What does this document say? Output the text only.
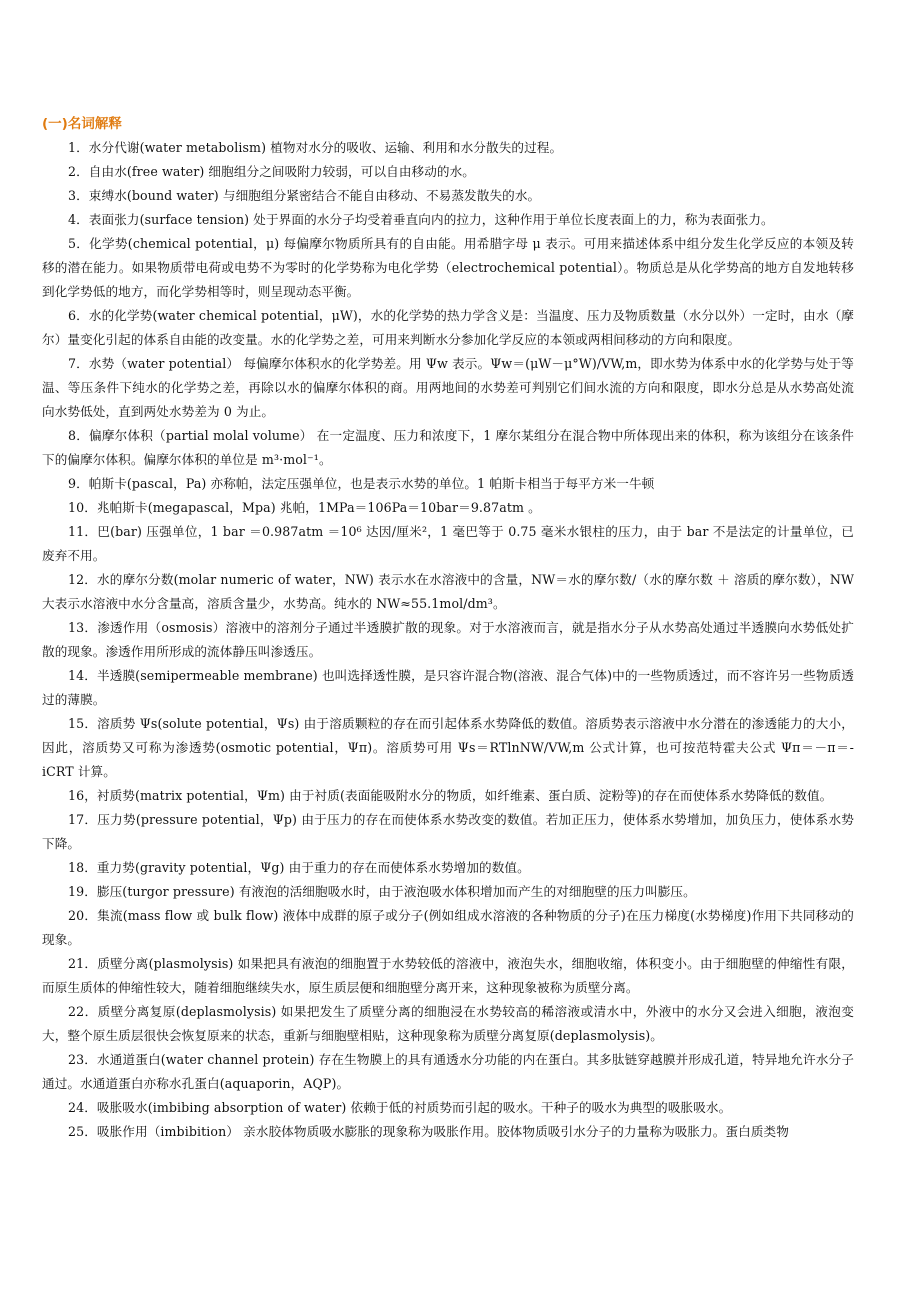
(一)名词解释

1．水分代谢(water metabolism) 植物对水分的吸收、运输、利用和水分散失的过程。

2．自由水(free water) 细胞组分之间吸附力较弱，可以自由移动的水。

3．束缚水(bound water) 与细胞组分紧密结合不能自由移动、不易蒸发散失的水。

4．表面张力(surface tension) 处于界面的水分子均受着垂直向内的拉力，这种作用于单位长度表面上的力，称为表面张力。

5．化学势(chemical potential，μ) 每偏摩尔物质所具有的自由能。用希腊字母 μ 表示。可用来描述体系中组分发生化学反应的本领及转移的潜在能力。如果物质带电荷或电势不为零时的化学势称为电化学势（electrochemical potential）。物质总是从化学势高的地方自发地转移到化学势低的地方，而化学势相等时，则呈现动态平衡。

6．水的化学势(water chemical potential，μW)，水的化学势的热力学含义是：当温度、压力及物质数量（水分以外）一定时，由水（摩尔）量变化引起的体系自由能的改变量。水的化学势之差，可用来判断水分参加化学反应的本领或两相间移动的方向和限度。

7．水势（water potential） 每偏摩尔体积水的化学势差。用 Ψw 表示。Ψw＝(μW－μ°W)/VW,m，即水势为体系中水的化学势与处于等温、等压条件下纯水的化学势之差，再除以水的偏摩尔体积的商。用两地间的水势差可判别它们间水流的方向和限度，即水分总是从水势高处流向水势低处，直到两处水势差为 0 为止。

8．偏摩尔体积（partial molal volume） 在一定温度、压力和浓度下，1 摩尔某组分在混合物中所体现出来的体积，称为该组分在该条件下的偏摩尔体积。偏摩尔体积的单位是 m³·mol⁻¹。

9．帕斯卡(pascal，Pa) 亦称帕，法定压强单位，也是表示水势的单位。1 帕斯卡相当于每平方米一牛顿

10．兆帕斯卡(megapascal，Mpa) 兆帕，1MPa＝106Pa＝10bar＝9.87atm 。

11．巴(bar) 压强单位，1 bar ＝0.987atm ＝10⁶ 达因/厘米²，1 毫巴等于 0.75 毫米水银柱的压力，由于 bar 不是法定的计量单位，已废弃不用。

12．水的摩尔分数(molar numeric of water，NW) 表示水在水溶液中的含量，NW＝水的摩尔数/（水的摩尔数 ＋ 溶质的摩尔数），NW 大表示水溶液中水分含量高，溶质含量少，水势高。纯水的 NW≈55.1mol/dm³。

13．渗透作用（osmosis）溶液中的溶剂分子通过半透膜扩散的现象。对于水溶液而言，就是指水分子从水势高处通过半透膜向水势低处扩散的现象。渗透作用所形成的流体静压叫渗透压。

14．半透膜(semipermeable membrane) 也叫选择透性膜，是只容许混合物(溶液、混合气体)中的一些物质透过，而不容许另一些物质透过的薄膜。

15．溶质势 Ψs(solute potential，Ψs) 由于溶质颗粒的存在而引起体系水势降低的数值。溶质势表示溶液中水分潜在的渗透能力的大小，因此，溶质势又可称为渗透势(osmotic potential，Ψπ)。溶质势可用 Ψs＝RTlnNW/VW,m 公式计算，也可按范特霍夫公式 Ψπ＝－π＝-iCRT 计算。

16，衬质势(matrix potential，Ψm) 由于衬质(表面能吸附水分的物质，如纤维素、蛋白质、淀粉等)的存在而使体系水势降低的数值。

17．压力势(pressure potential，Ψp) 由于压力的存在而使体系水势改变的数值。若加正压力，使体系水势增加，加负压力，使体系水势下降。

18．重力势(gravity potential，Ψg) 由于重力的存在而使体系水势增加的数值。

19．膨压(turgor pressure) 有液泡的活细胞吸水时，由于液泡吸水体积增加而产生的对细胞壁的压力叫膨压。

20．集流(mass flow 或 bulk flow) 液体中成群的原子或分子(例如组成水溶液的各种物质的分子)在压力梯度(水势梯度)作用下共同移动的现象。

21．质壁分离(plasmolysis) 如果把具有液泡的细胞置于水势较低的溶液中，液泡失水，细胞收缩，体积变小。由于细胞壁的伸缩性有限，而原生质体的伸缩性较大，随着细胞继续失水，原生质层便和细胞壁分离开来，这种现象被称为质壁分离。

22．质壁分离复原(deplasmolysis) 如果把发生了质壁分离的细胞浸在水势较高的稀溶液或清水中，外液中的水分又会进入细胞，液泡变大，整个原生质层很快会恢复原来的状态，重新与细胞壁相贴，这种现象称为质壁分离复原(deplasmolysis)。

23．水通道蛋白(water channel protein) 存在生物膜上的具有通透水分功能的内在蛋白。其多肽链穿越膜并形成孔道，特异地允许水分子通过。水通道蛋白亦称水孔蛋白(aquaporin，AQP)。

24．吸胀吸水(imbibing absorption of water) 依赖于低的衬质势而引起的吸水。干种子的吸水为典型的吸胀吸水。

25．吸胀作用（imbibition） 亲水胶体物质吸水膨胀的现象称为吸胀作用。胶体物质吸引水分子的力量称为吸胀力。蛋白质类物
